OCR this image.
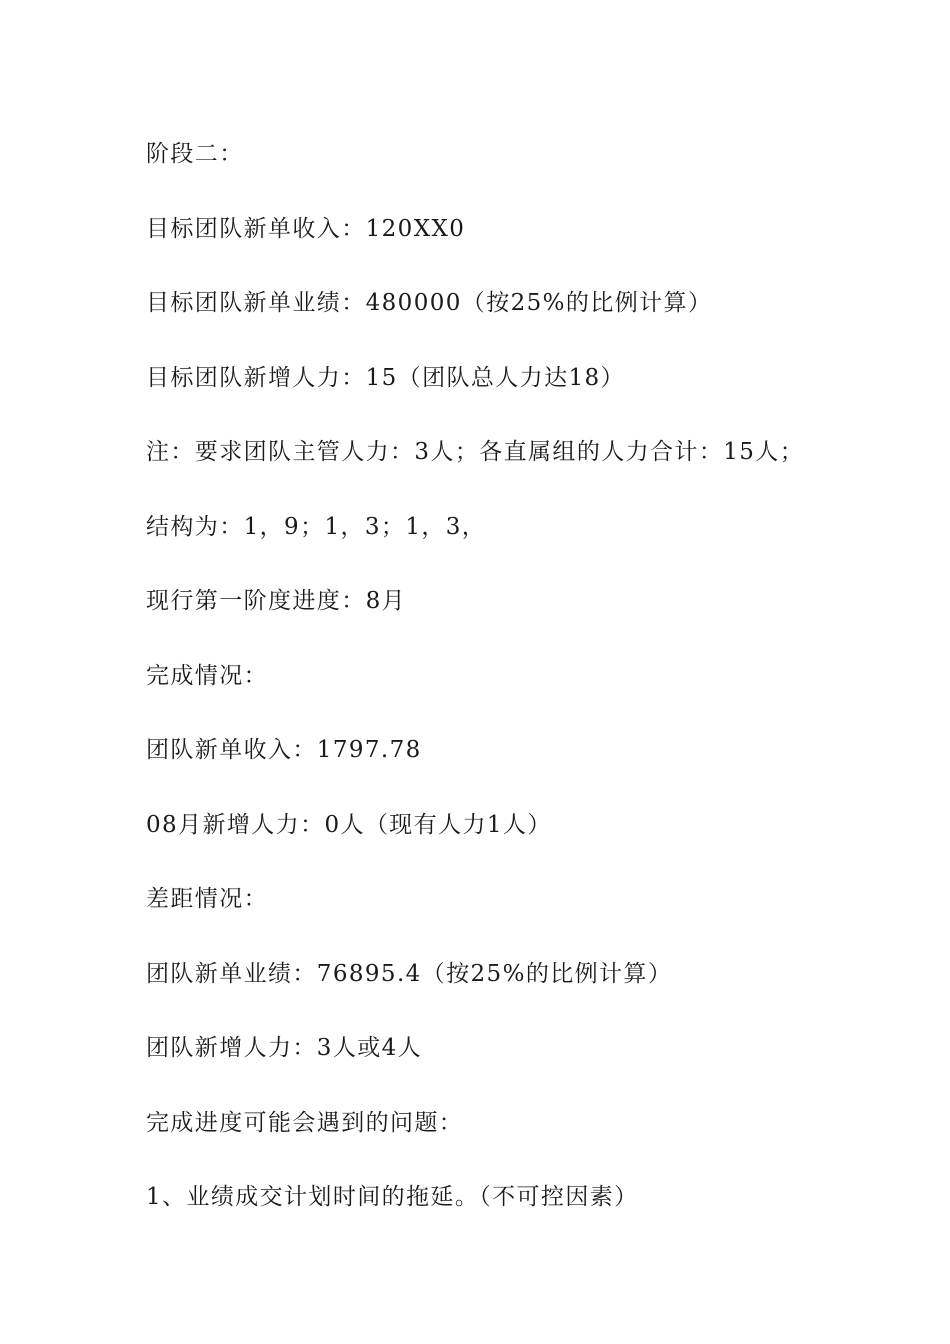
阶段二：
目标团队新单收入：120XX0
目标团队新单业绩：480000（按25%的比例计算）
目标团队新增人力：15（团队总人力达18）
注：要求团队主管人力：3人；各直属组的人力合计：15人；
结构为：1，9；1，3；1，3，
现行第一阶度进度：8月
完成情况：
团队新单收入：1797.78
08月新增人力：0人（现有人力1人）
差距情况：
团队新单业绩：76895.4（按25%的比例计算）
团队新增人力：3人或4人
完成进度可能会遇到的问题：
1、业绩成交计划时间的拖延。（不可控因素）
